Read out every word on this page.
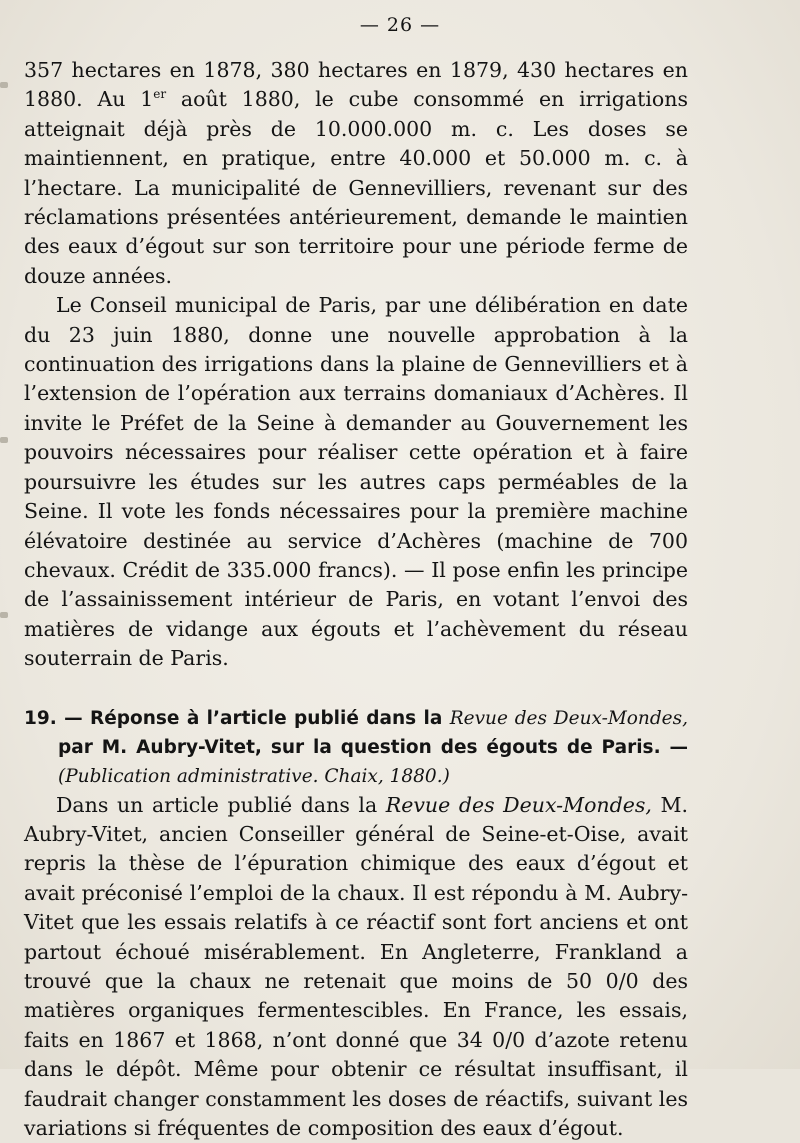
— 26 —

357 hectares en 1878, 380 hectares en 1879, 430 hectares en 1880. Au 1er août 1880, le cube consommé en irrigations atteignait déjà près de 10.000.000 m. c. Les doses se maintiennent, en pratique, entre 40.000 et 50.000 m. c. à l’hectare. La municipalité de Gennevilliers, revenant sur des réclamations présentées antérieurement, demande le maintien des eaux d’égout sur son territoire pour une période ferme de douze années.

Le Conseil municipal de Paris, par une délibération en date du 23 juin 1880, donne une nouvelle approbation à la continuation des irrigations dans la plaine de Gennevilliers et à l’extension de l’opération aux terrains domaniaux d’Achères. Il invite le Préfet de la Seine à demander au Gouvernement les pouvoirs nécessaires pour réaliser cette opération et à faire poursuivre les études sur les autres caps perméables de la Seine. Il vote les fonds nécessaires pour la première machine élévatoire destinée au service d’Achères (machine de 700 chevaux. Crédit de 335.000 francs). — Il pose enfin les principe de l’assainissement intérieur de Paris, en votant l’envoi des matières de vidange aux égouts et l’achèvement du réseau souterrain de Paris.

19. — Réponse à l’article publié dans la Revue des Deux-Mondes, par M. Aubry-Vitet, sur la question des égouts de Paris. — (Publication administrative. Chaix, 1880.)

Dans un article publié dans la Revue des Deux-Mondes, M. Aubry-Vitet, ancien Conseiller général de Seine-et-Oise, avait repris la thèse de l’épuration chimique des eaux d’égout et avait préconisé l’emploi de la chaux. Il est répondu à M. Aubry-Vitet que les essais relatifs à ce réactif sont fort anciens et ont partout échoué misérablement. En Angleterre, Frankland a trouvé que la chaux ne retenait que moins de 50 0/0 des matières organiques fermentescibles. En France, les essais, faits en 1867 et 1868, n’ont donné que 34 0/0 d’azote retenu dans le dépôt. Même pour obtenir ce résultat insuffisant, il faudrait changer constamment les doses de réactifs, suivant les variations si fréquentes de composition des eaux d’égout.
